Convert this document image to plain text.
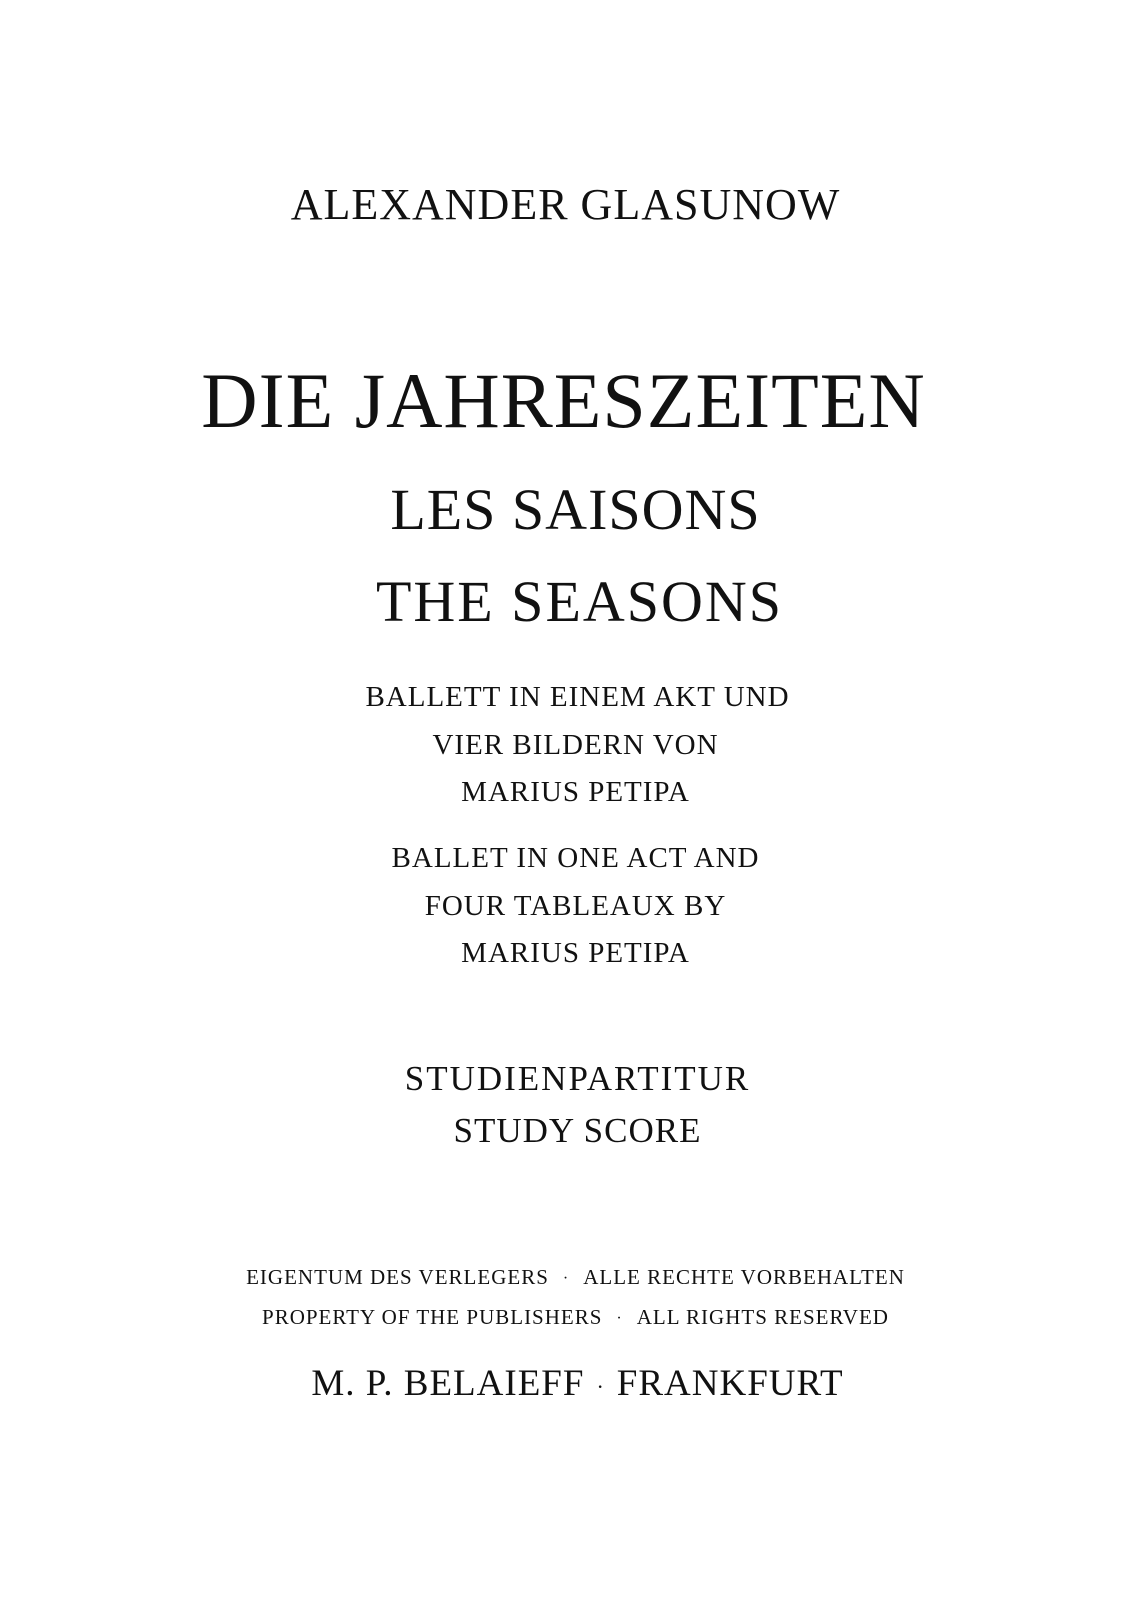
ALEXANDER GLASUNOW
DIE JAHRESZEITEN
LES SAISONS
THE SEASONS
BALLETT IN EINEM AKT UND
VIER BILDERN VON
MARIUS PETIPA
BALLET IN ONE ACT AND
FOUR TABLEAUX BY
MARIUS PETIPA
STUDIENPARTITUR
STUDY SCORE
EIGENTUM DES VERLEGERS · ALLE RECHTE VORBEHALTEN
PROPERTY OF THE PUBLISHERS · ALL RIGHTS RESERVED
M. P. BELAIEFF · FRANKFURT
